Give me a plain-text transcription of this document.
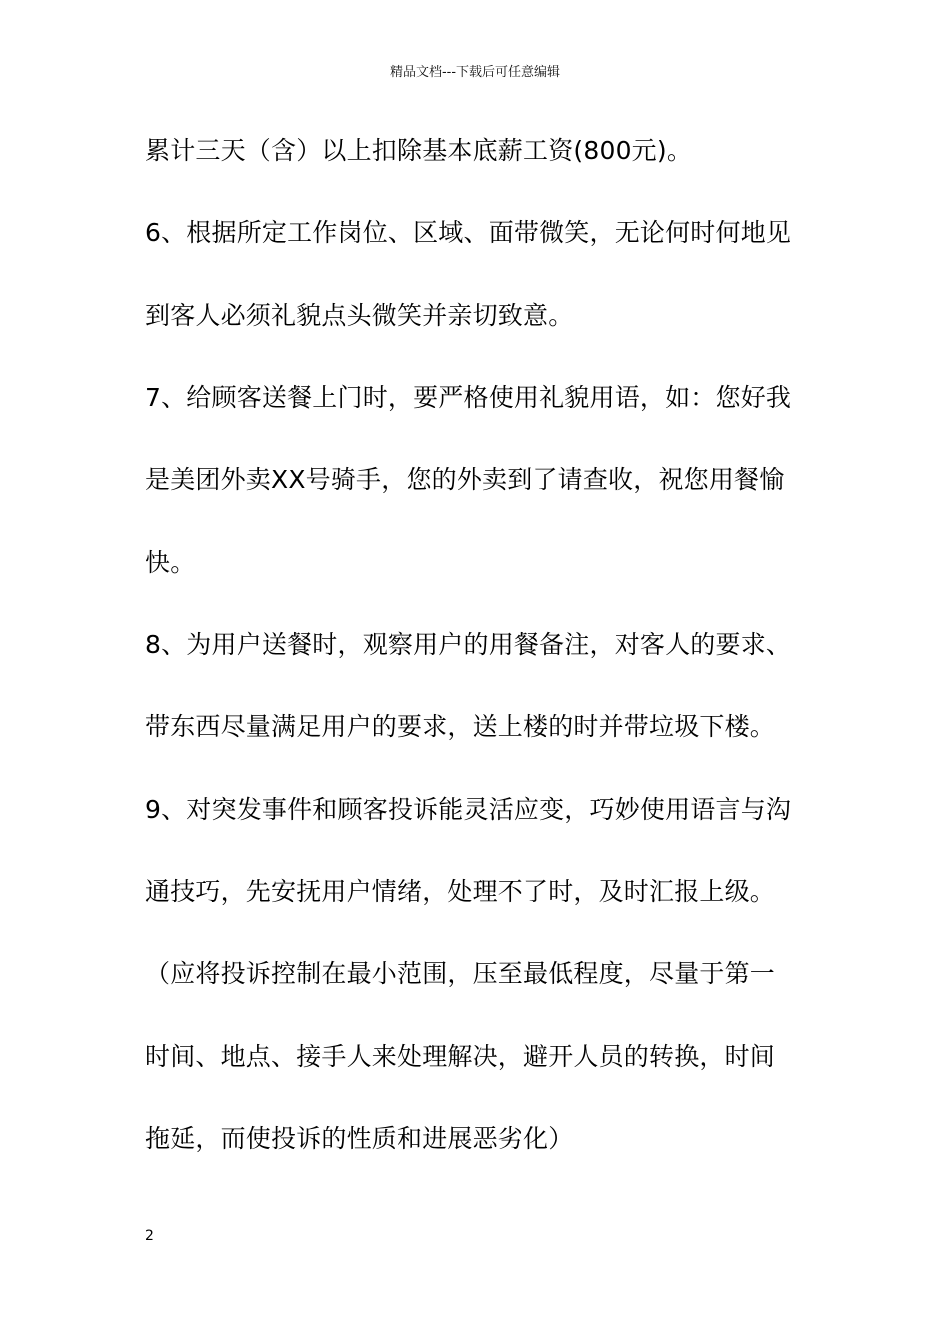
精品文档---下载后可任意编辑
累计三天（含）以上扣除基本底薪工资(800元)。
6、根据所定工作岗位、区域、面带微笑，无论何时何地见
到客人必须礼貌点头微笑并亲切致意。
7、给顾客送餐上门时，要严格使用礼貌用语，如：您好我
是美团外卖XX号骑手，您的外卖到了请查收，祝您用餐愉
快。
8、为用户送餐时，观察用户的用餐备注，对客人的要求、
带东西尽量满足用户的要求，送上楼的时并带垃圾下楼。
9、对突发事件和顾客投诉能灵活应变，巧妙使用语言与沟
通技巧，先安抚用户情绪，处理不了时，及时汇报上级。
（应将投诉控制在最小范围，压至最低程度，尽量于第一
时间、地点、接手人来处理解决，避开人员的转换，时间
拖延，而使投诉的性质和进展恶劣化）
2
